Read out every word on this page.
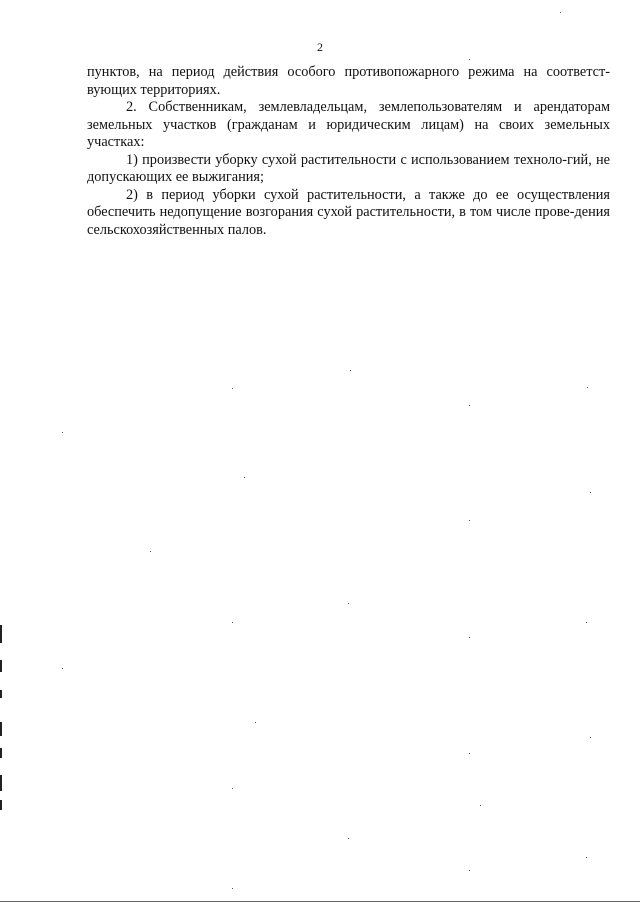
2

пунктов, на период действия особого противопожарного режима на соответст-вующих территориях.

2. Собственникам, землевладельцам, землепользователям и арендаторам земельных участков (гражданам и юридическим лицам) на своих земельных участках:

1) произвести уборку сухой растительности с использованием техноло-гий, не допускающих ее выжигания;

2) в период уборки сухой растительности, а также до ее осуществления обеспечить недопущение возгорания сухой растительности, в том числе прове-дения сельскохозяйственных палов.
